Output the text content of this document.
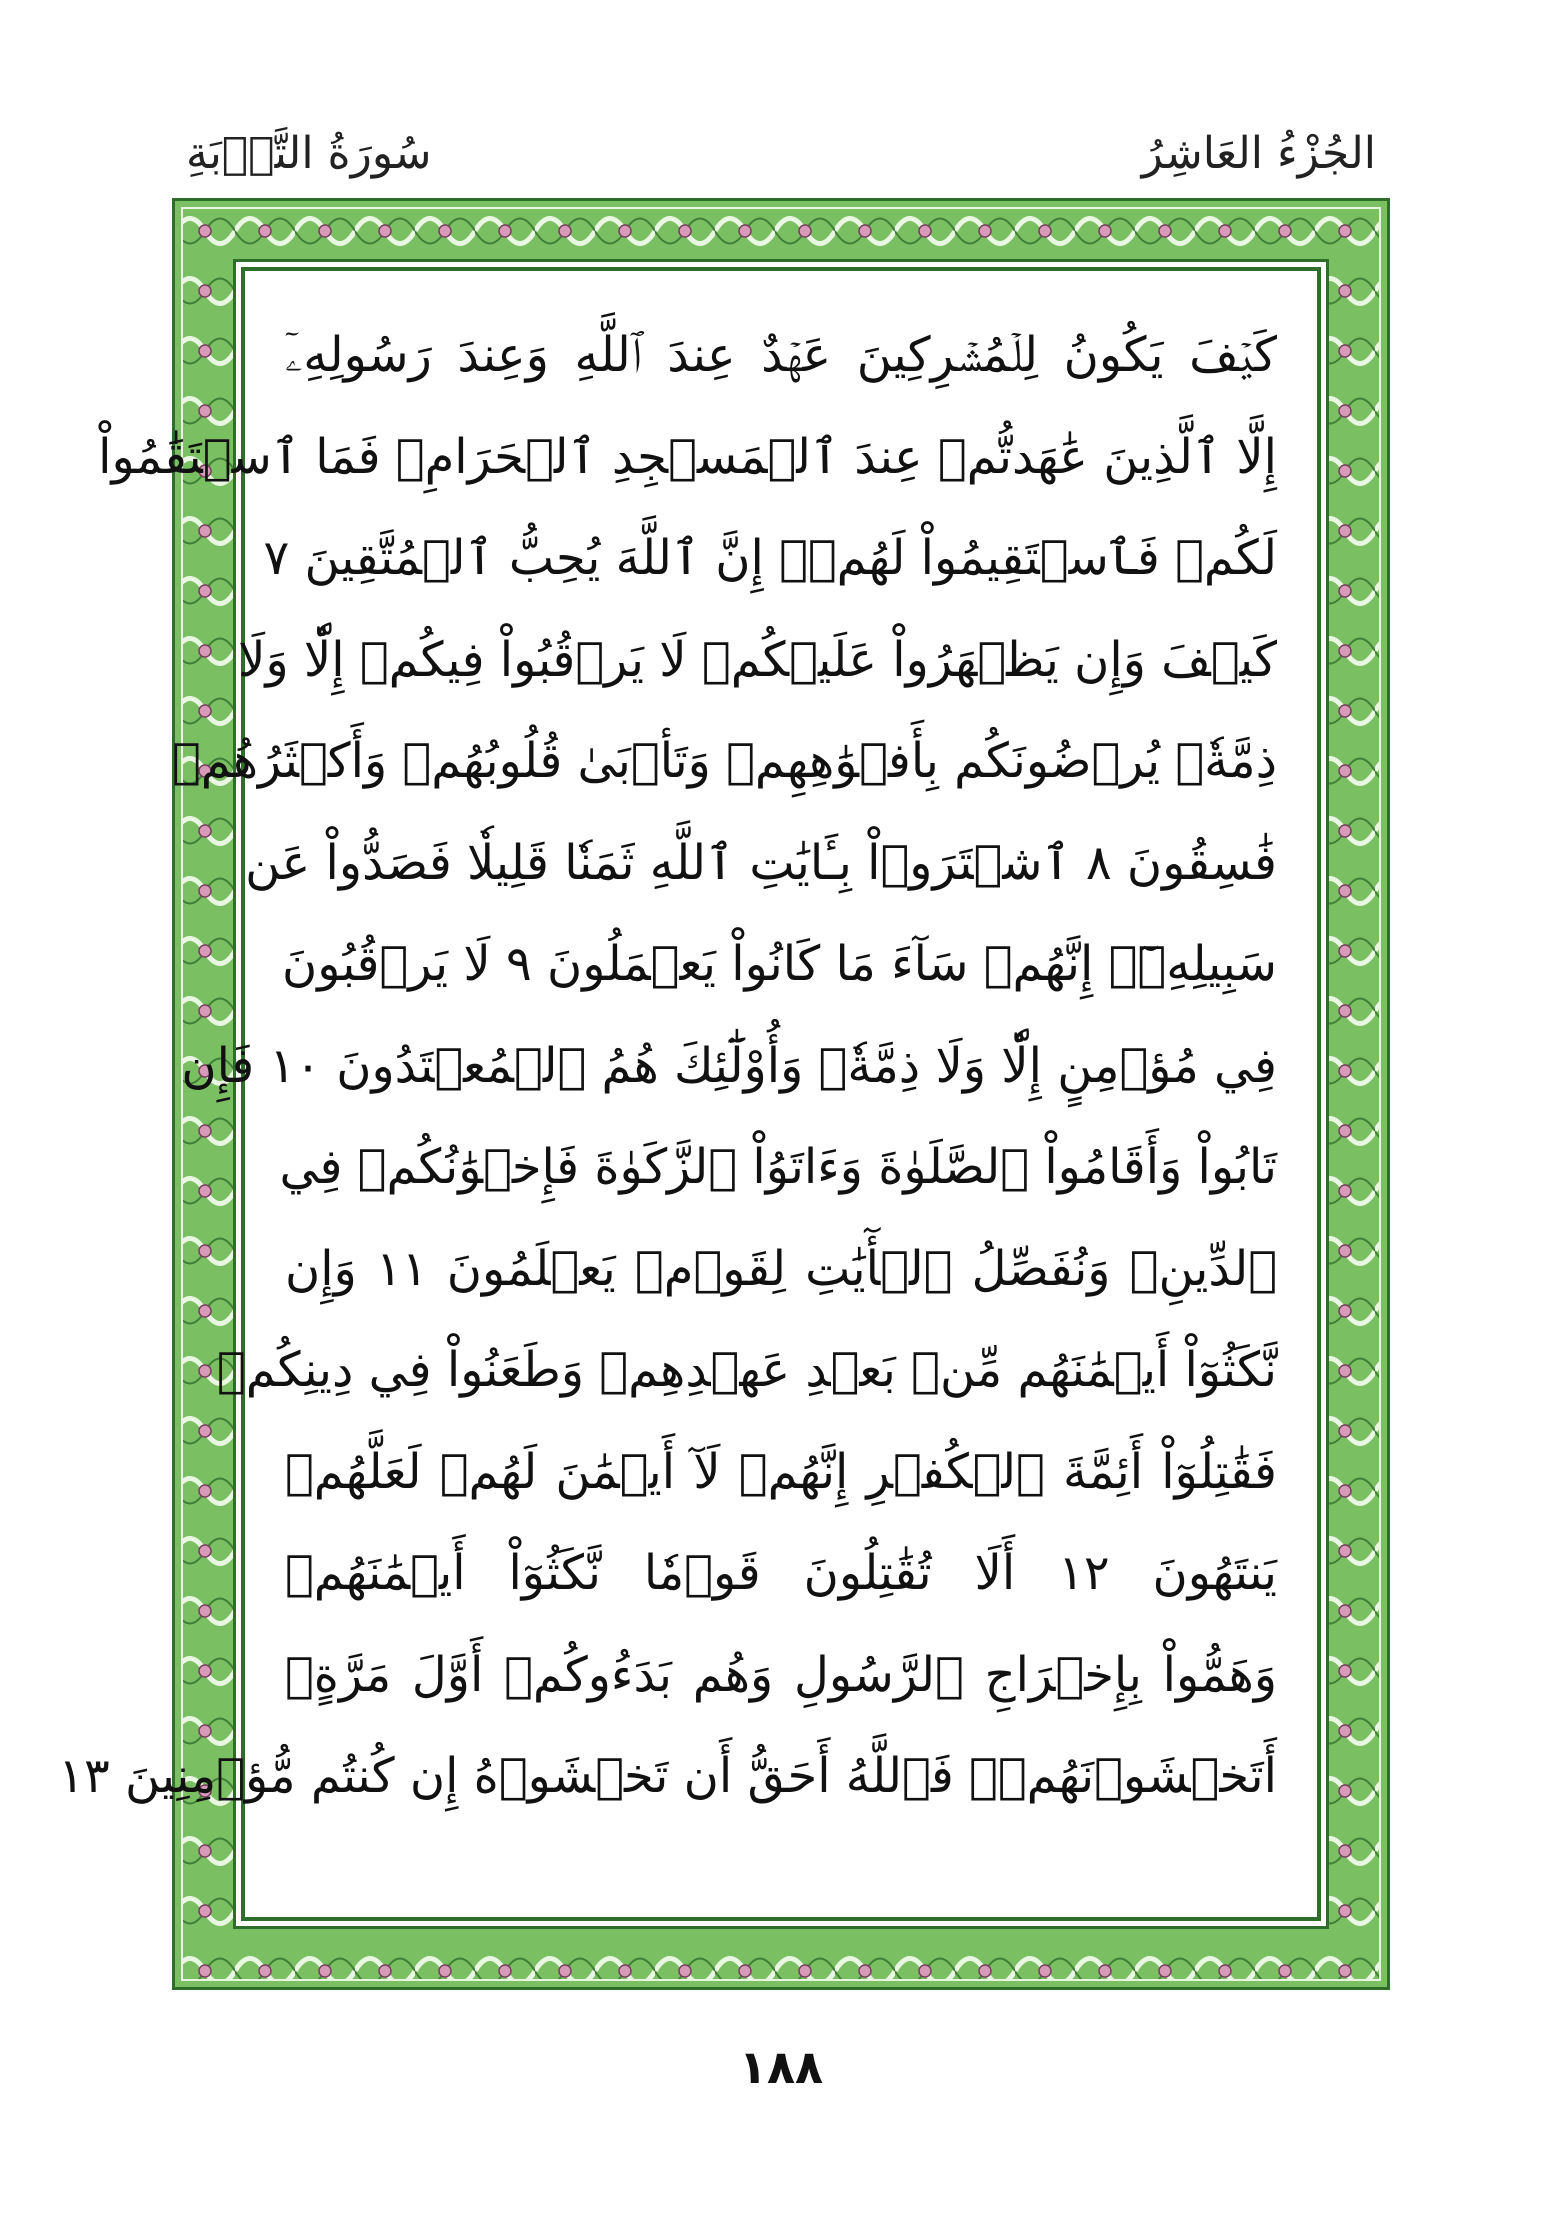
الجُزْءُ العَاشِرُ
سُورَةُ التَّوۡبَةِ
كَيۡفَ يَكُونُ لِلۡمُشۡرِكِينَ عَهۡدٌ عِندَ ٱللَّهِ وَعِندَ رَسُولِهِۦٓ
إِلَّا ٱلَّذِينَ عَٰهَدتُّمۡ عِندَ ٱلۡمَسۡجِدِ ٱلۡحَرَامِۖ فَمَا ٱسۡتَقَٰمُواْ
لَكُمۡ فَٱسۡتَقِيمُواْ لَهُمۡۚ إِنَّ ٱللَّهَ يُحِبُّ ٱلۡمُتَّقِينَ ٧
كَيۡفَ وَإِن يَظۡهَرُواْ عَلَيۡكُمۡ لَا يَرۡقُبُواْ فِيكُمۡ إِلّٗا وَلَا
ذِمَّةٗۚ يُرۡضُونَكُم بِأَفۡوَٰهِهِمۡ وَتَأۡبَىٰ قُلُوبُهُمۡ وَأَكۡثَرُهُمۡ
فَٰسِقُونَ ٨ ٱشۡتَرَوۡاْ بِـَٔايَٰتِ ٱللَّهِ ثَمَنٗا قَلِيلٗا فَصَدُّواْ عَن
سَبِيلِهِۦٓۚ إِنَّهُمۡ سَآءَ مَا كَانُواْ يَعۡمَلُونَ ٩ لَا يَرۡقُبُونَ
فِي مُؤۡمِنٍ إِلّٗا وَلَا ذِمَّةٗۚ وَأُوْلَٰٓئِكَ هُمُ ٱلۡمُعۡتَدُونَ ١٠ فَإِن
تَابُواْ وَأَقَامُواْ ٱلصَّلَوٰةَ وَءَاتَوُاْ ٱلزَّكَوٰةَ فَإِخۡوَٰنُكُمۡ فِي
ٱلدِّينِۗ وَنُفَصِّلُ ٱلۡأٓيَٰتِ لِقَوۡمٖ يَعۡلَمُونَ ١١ وَإِن
نَّكَثُوٓاْ أَيۡمَٰنَهُم مِّنۢ بَعۡدِ عَهۡدِهِمۡ وَطَعَنُواْ فِي دِينِكُمۡ
فَقَٰتِلُوٓاْ أَئِمَّةَ ٱلۡكُفۡرِ إِنَّهُمۡ لَآ أَيۡمَٰنَ لَهُمۡ لَعَلَّهُمۡ
يَنتَهُونَ ١٢ أَلَا تُقَٰتِلُونَ قَوۡمٗا نَّكَثُوٓاْ أَيۡمَٰنَهُمۡ
وَهَمُّواْ بِإِخۡرَاجِ ٱلرَّسُولِ وَهُم بَدَءُوكُمۡ أَوَّلَ مَرَّةٍۚ
أَتَخۡشَوۡنَهُمۡۚ فَٱللَّهُ أَحَقُّ أَن تَخۡشَوۡهُ إِن كُنتُم مُّؤۡمِنِينَ ١٣
١٨٨
